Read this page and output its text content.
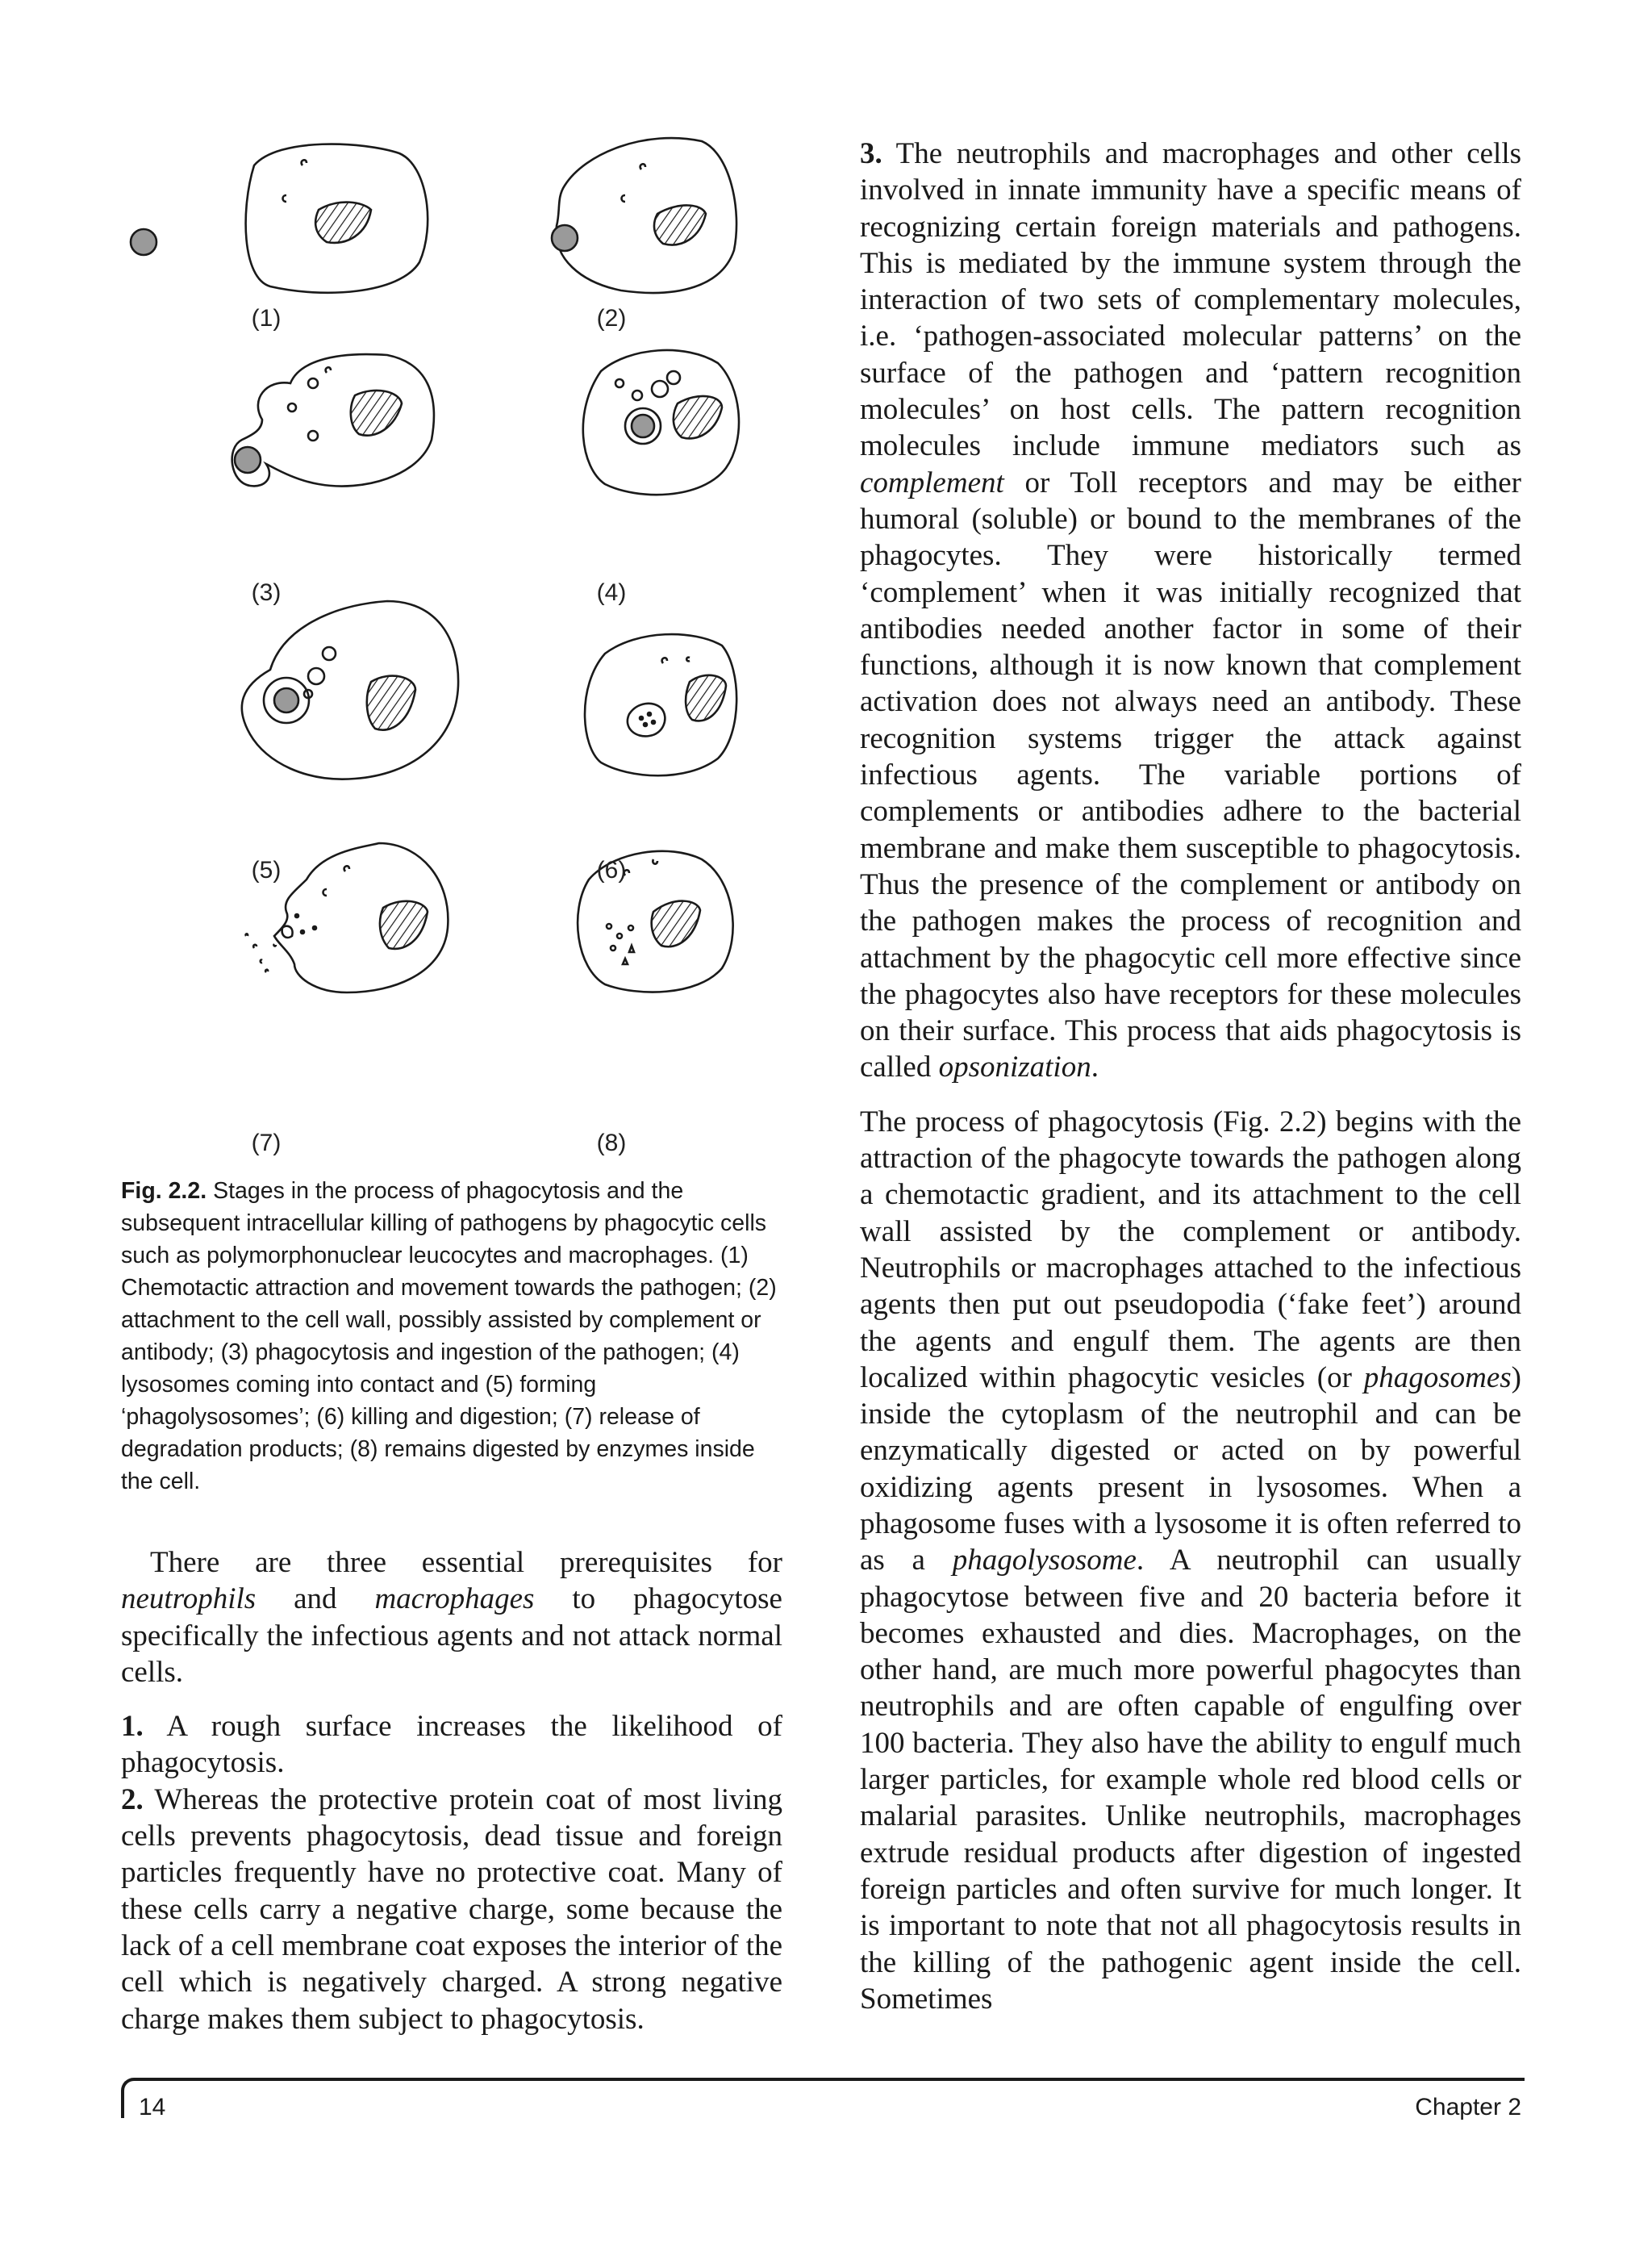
(1)	(2)
(3)	(4)
(5)	(6)
(7)	(8)
Fig. 2.2. Stages in the process of phagocytosis and the subsequent intracellular killing of pathogens by phagocytic cells such as polymorphonuclear leucocytes and macrophages. (1) Chemotactic attraction and movement towards the pathogen; (2) attachment to the cell wall, possibly assisted by complement or antibody; (3) phagocytosis and ingestion of the pathogen; (4) lysosomes coming into contact and (5) forming ‘phagolysosomes’; (6) killing and digestion; (7) release of degradation products; (8) remains digested by enzymes inside the cell.

There are three essential prerequisites for neutrophils and macrophages to phagocytose specifically the infectious agents and not attack normal cells.

1. A rough surface increases the likelihood of phagocytosis.

2. Whereas the protective protein coat of most living cells prevents phagocytosis, dead tissue and foreign particles frequently have no protective coat. Many of these cells carry a negative charge, some because the lack of a cell membrane coat exposes the interior of the cell which is negatively charged. A strong negative charge makes them subject to phagocytosis.

3. The neutrophils and macrophages and other cells involved in innate immunity have a specific means of recognizing certain foreign materials and pathogens. This is mediated by the immune system through the interaction of two sets of complementary molecules, i.e. ‘pathogen-associated molecular patterns’ on the surface of the pathogen and ‘pattern recognition molecules’ on host cells. The pattern recognition molecules include immune mediators such as complement or Toll receptors and may be either humoral (soluble) or bound to the membranes of the phagocytes. They were historically termed ‘complement’ when it was initially recognized that antibodies needed another factor in some of their functions, although it is now known that complement activation does not always need an antibody. These recognition systems trigger the attack against infectious agents. The variable portions of complements or antibodies adhere to the bacterial membrane and make them susceptible to phagocytosis. Thus the presence of the complement or antibody on the pathogen makes the process of recognition and attachment by the phagocytic cell more effective since the phagocytes also have receptors for these molecules on their surface. This process that aids phagocytosis is called opsonization.

The process of phagocytosis (Fig. 2.2) begins with the attraction of the phagocyte towards the pathogen along a chemotactic gradient, and its attachment to the cell wall assisted by the complement or antibody. Neutrophils or macrophages attached to the infectious agents then put out pseudopodia (‘fake feet’) around the agents and engulf them. The agents are then localized within phagocytic vesicles (or phagosomes) inside the cytoplasm of the neutrophil and can be enzymatically digested or acted on by powerful oxidizing agents present in lysosomes. When a phagosome fuses with a lysosome it is often referred to as a phagolysosome. A neutrophil can usually phagocytose between five and 20 bacteria before it becomes exhausted and dies. Macrophages, on the other hand, are much more powerful phagocytes than neutrophils and are often capable of engulfing over 100 bacteria. They also have the ability to engulf much larger particles, for example whole red blood cells or malarial parasites. Unlike neutrophils, macrophages extrude residual products after digestion of ingested foreign particles and often survive for much longer. It is important to note that not all phagocytosis results in the killing of the pathogenic agent inside the cell. Sometimes

14	Chapter 2
